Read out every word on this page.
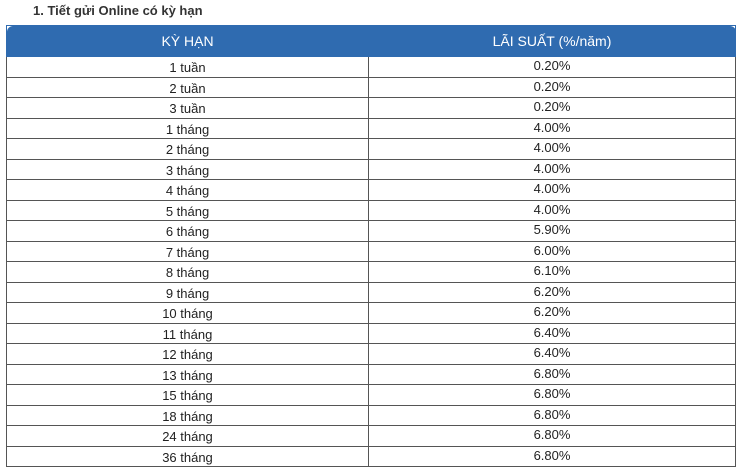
1. Tiết gửi Online có kỳ hạn
KỲ HẠN	LÃI SUẤT (%/năm)
1 tuần	0.20%
2 tuần	0.20%
3 tuần	0.20%
1 tháng	4.00%
2 tháng	4.00%
3 tháng	4.00%
4 tháng	4.00%
5 tháng	4.00%
6 tháng	5.90%
7 tháng	6.00%
8 tháng	6.10%
9 tháng	6.20%
10 tháng	6.20%
11 tháng	6.40%
12 tháng	6.40%
13 tháng	6.80%
15 tháng	6.80%
18 tháng	6.80%
24 tháng	6.80%
36 tháng	6.80%
